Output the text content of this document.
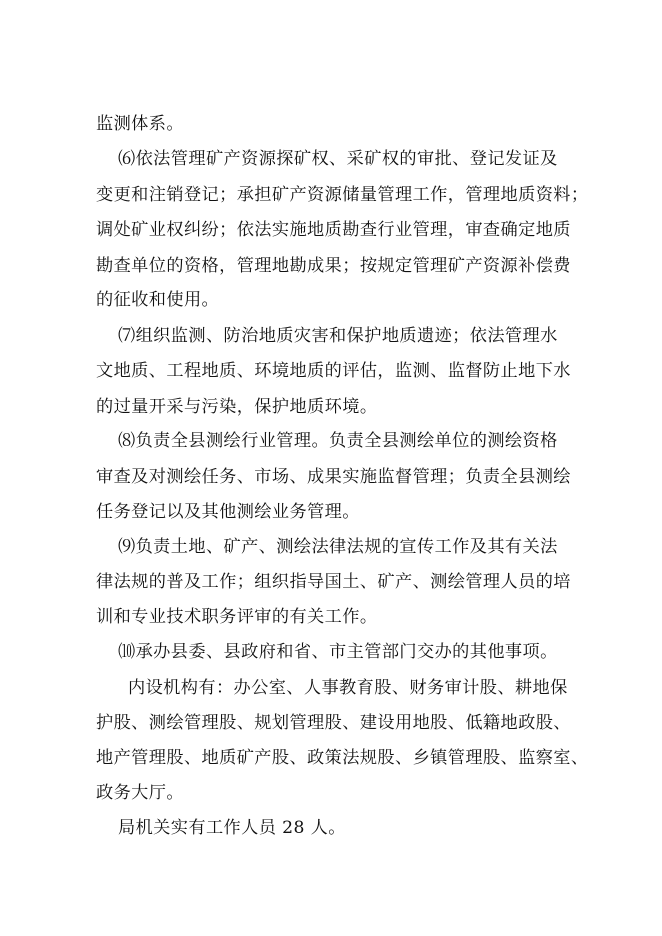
监测体系。
⑹依法管理矿产资源探矿权、采矿权的审批、登记发证及
变更和注销登记；承担矿产资源储量管理工作，管理地质资料；
调处矿业权纠纷；依法实施地质勘查行业管理，审查确定地质
勘查单位的资格，管理地勘成果；按规定管理矿产资源补偿费
的征收和使用。
⑺组织监测、防治地质灾害和保护地质遗迹；依法管理水
文地质、工程地质、环境地质的评估，监测、监督防止地下水
的过量开采与污染，保护地质环境。
⑻负责全县测绘行业管理。负责全县测绘单位的测绘资格
审查及对测绘任务、市场、成果实施监督管理；负责全县测绘
任务登记以及其他测绘业务管理。
⑼负责土地、矿产、测绘法律法规的宣传工作及其有关法
律法规的普及工作；组织指导国土、矿产、测绘管理人员的培
训和专业技术职务评审的有关工作。
⑽承办县委、县政府和省、市主管部门交办的其他事项。
内设机构有：办公室、人事教育股、财务审计股、耕地保
护股、测绘管理股、规划管理股、建设用地股、低籍地政股、
地产管理股、地质矿产股、政策法规股、乡镇管理股、监察室、
政务大厅。
局机关实有工作人员 28 人。
